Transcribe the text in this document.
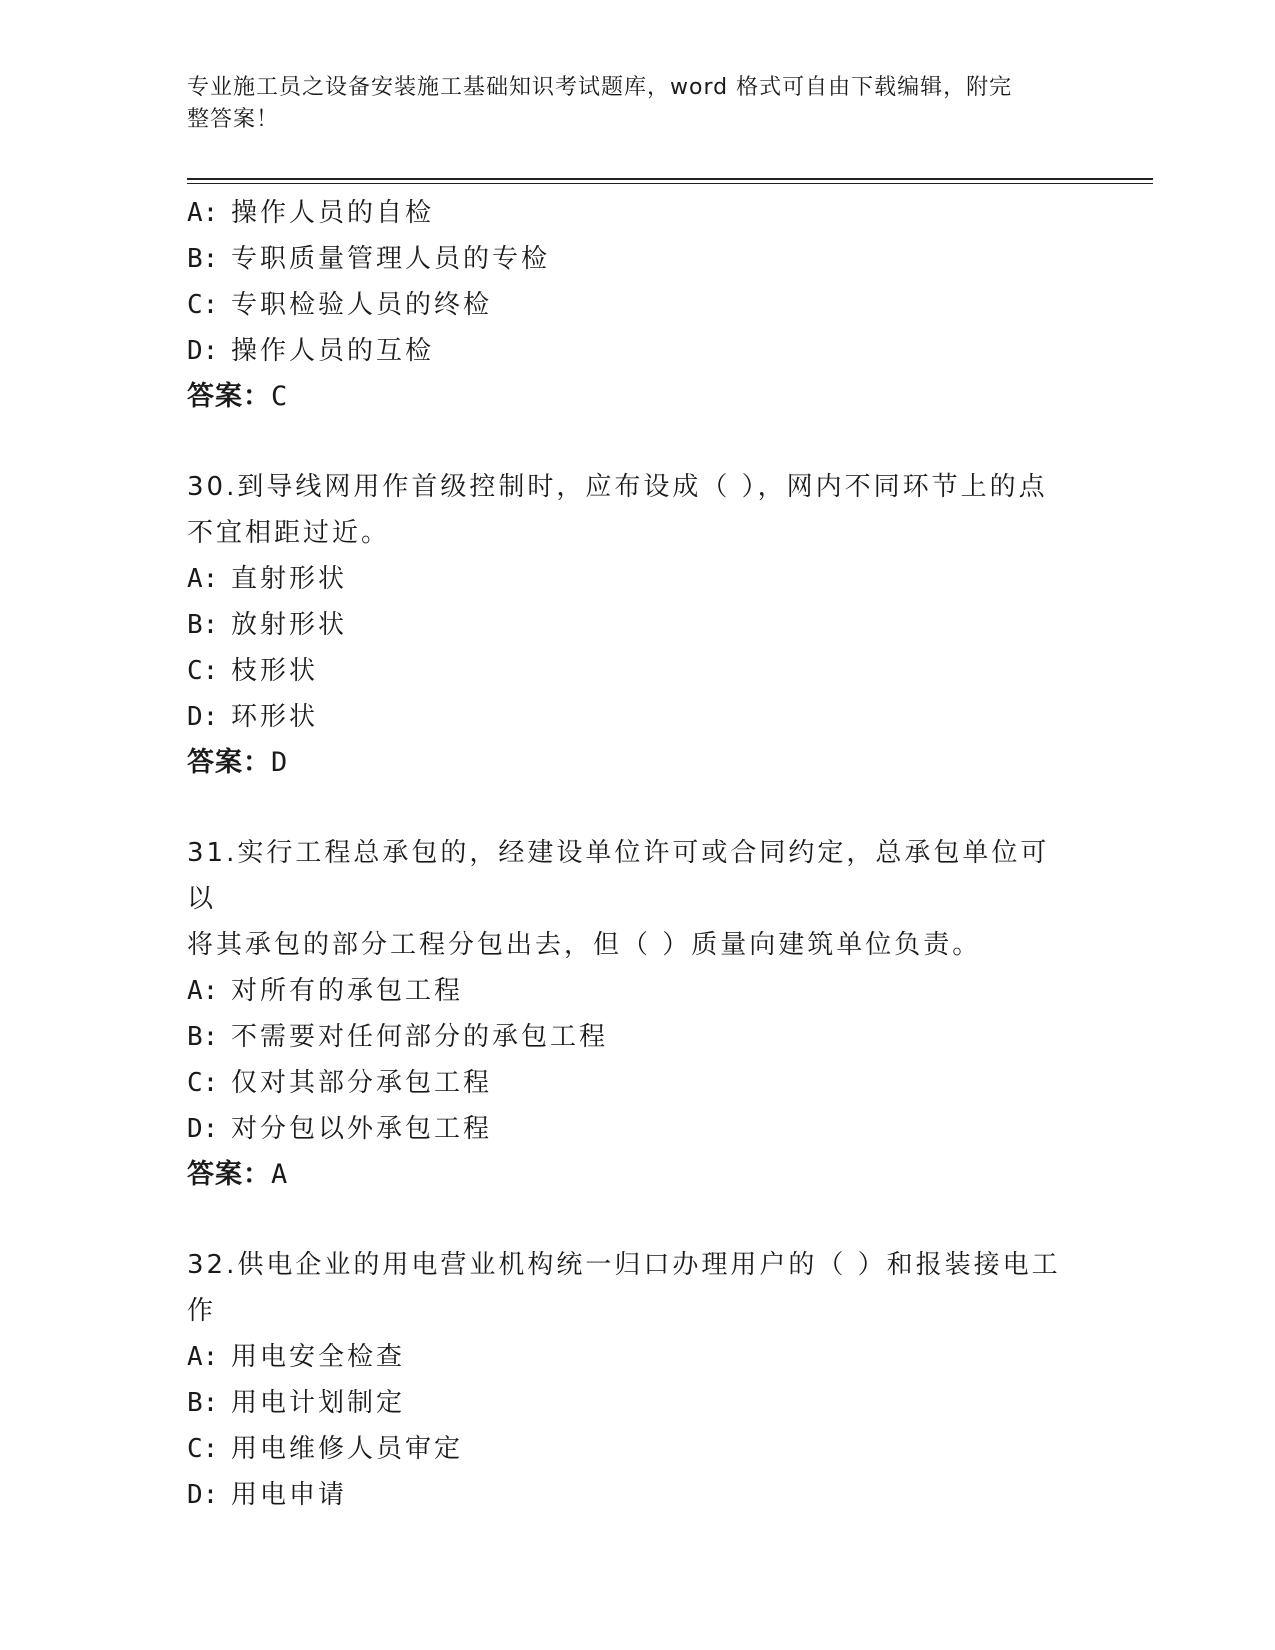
专业施工员之设备安装施工基础知识考试题库，word 格式可自由下载编辑，附完
整答案！
A: 操作人员的自检
B: 专职质量管理人员的专检
C: 专职检验人员的终检
D: 操作人员的互检
答案：C
30.到导线网用作首级控制时，应布设成（ ），网内不同环节上的点
不宜相距过近。
A: 直射形状
B: 放射形状
C: 枝形状
D: 环形状
答案：D
31.实行工程总承包的，经建设单位许可或合同约定，总承包单位可以
将其承包的部分工程分包出去，但（ ）质量向建筑单位负责。
A: 对所有的承包工程
B: 不需要对任何部分的承包工程
C: 仅对其部分承包工程
D: 对分包以外承包工程
答案：A
32.供电企业的用电营业机构统一归口办理用户的（ ）和报装接电工
作
A: 用电安全检查
B: 用电计划制定
C: 用电维修人员审定
D: 用电申请
